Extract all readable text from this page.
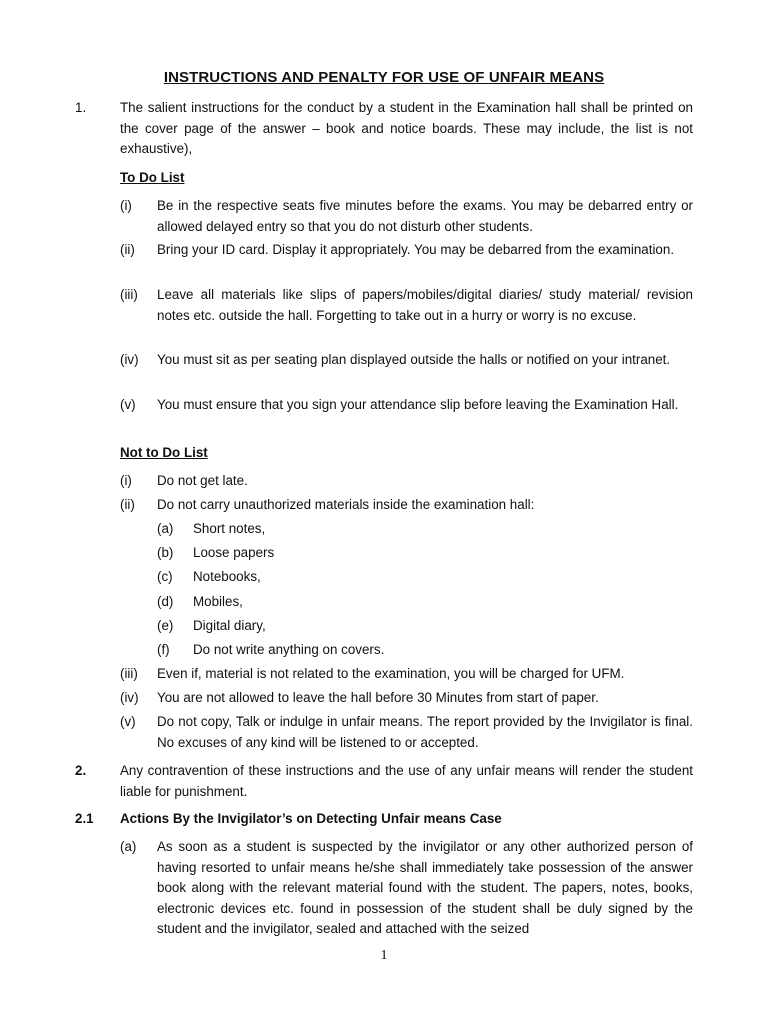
INSTRUCTIONS AND PENALTY FOR USE OF UNFAIR MEANS
1.	The salient instructions for the conduct by a student in the Examination hall shall be printed on the cover page of the answer – book and notice boards. These may include, the list is not exhaustive),
To Do List
(i) Be in the respective seats five minutes before the exams. You may be debarred entry or allowed delayed entry so that you do not disturb other students.
(ii) Bring your ID card. Display it appropriately. You may be debarred from the examination.
(iii) Leave all materials like slips of papers/mobiles/digital diaries/ study material/ revision notes etc. outside the hall. Forgetting to take out in a hurry or worry is no excuse.
(iv) You must sit as per seating plan displayed outside the halls or notified on your intranet.
(v) You must ensure that you sign your attendance slip before leaving the Examination Hall.
Not to Do List
(i) Do not get late.
(ii) Do not carry unauthorized materials inside the examination hall:
(a) Short notes,
(b) Loose papers
(c) Notebooks,
(d) Mobiles,
(e) Digital diary,
(f) Do not write anything on covers.
(iii) Even if, material is not related to the examination, you will be charged for UFM.
(iv) You are not allowed to leave the hall before 30 Minutes from start of paper.
(v) Do not copy, Talk or indulge in unfair means. The report provided by the Invigilator is final. No excuses of any kind will be listened to or accepted.
2.	Any contravention of these instructions and the use of any unfair means will render the student liable for punishment.
2.1 Actions By the Invigilator’s on Detecting Unfair means Case
(a) As soon as a student is suspected by the invigilator or any other authorized person of having resorted to unfair means he/she shall immediately take possession of the answer book along with the relevant material found with the student. The papers, notes, books, electronic devices etc. found in possession of the student shall be duly signed by the student and the invigilator, sealed and attached with the seized
1
